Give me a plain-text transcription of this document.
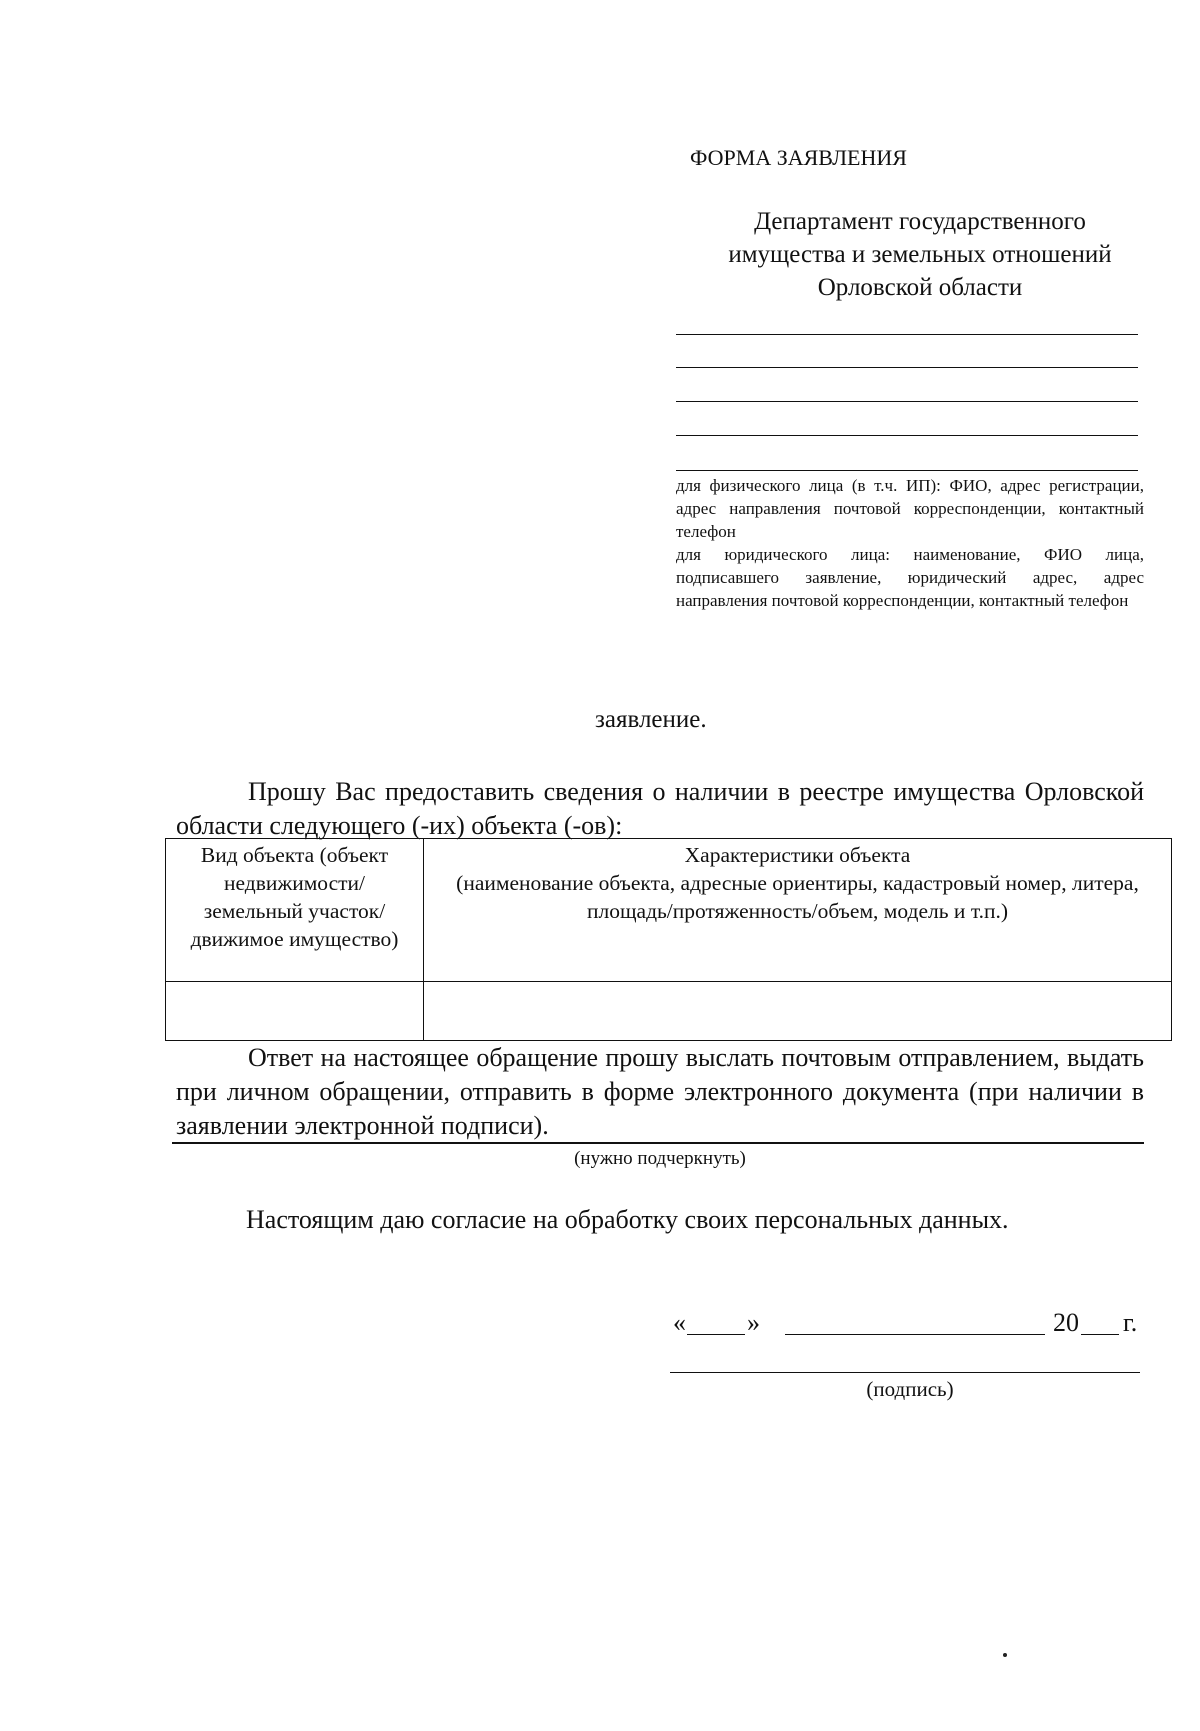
ФОРМА ЗАЯВЛЕНИЯ
Департамент государственного
имущества и земельных отношений
Орловской области

для физического лица (в т.ч. ИП): ФИО, адрес регистрации, адрес направления почтовой корреспонденции, контактный телефон

для юридического лица: наименование, ФИО лица, подписавшего заявление, юридический адрес, адрес направления почтовой корреспонденции, контактный телефон

заявление.
Прошу Вас предоставить сведения о наличии в реестре имущества Орловской области следующего (-их) объекта (-ов):
Вид объекта (объект недвижимости/ земельный участок/ движимое имущество)	Характеристики объекта
(наименование объекта, адресные ориентиры, кадастровый номер, литера, площадь/протяженность/объем, модель и т.п.)

Ответ на настоящее обращение прошу выслать почтовым отправлением, выдать при личном обращении, отправить в форме электронного документа (при наличии в заявлении электронной подписи).
(нужно подчеркнуть)
Настоящим даю согласие на обработку своих персональных данных.
« »	20 г.
(подпись)
